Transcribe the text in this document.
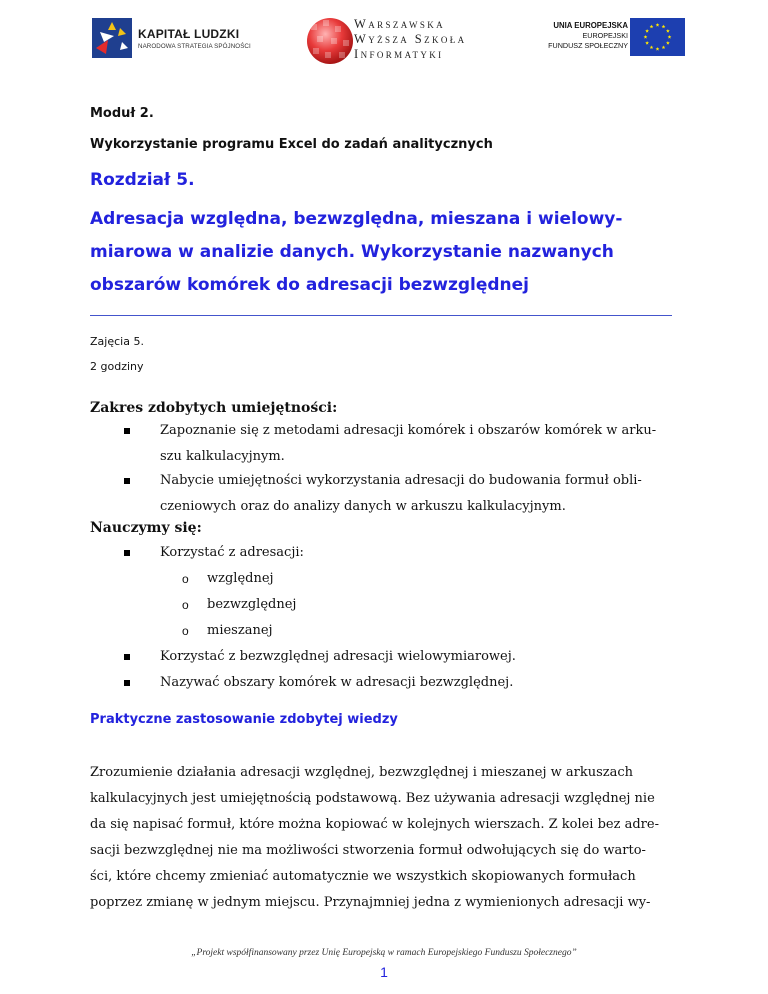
KAPITAŁ LUDZKI
NARODOWA STRATEGIA SPÓJNOŚCI
Warszawska
Wyższa Szkoła
Informatyki
UNIA EUROPEJSKA
EUROPEJSKI
FUNDUSZ SPOŁECZNY
Moduł 2.
Wykorzystanie programu Excel do zadań analitycznych
Rozdział 5.
Adresacja względna, bezwzględna, mieszana i wielowy-
miarowa w analizie danych. Wykorzystanie nazwanych
obszarów komórek do adresacji bezwzględnej
Zajęcia 5.
2 godziny
Zakres zdobytych umiejętności:
Zapoznanie się z metodami adresacji komórek i obszarów komórek w arku-
szu kalkulacyjnym.
Nabycie umiejętności wykorzystania adresacji do budowania formuł obli-
czeniowych oraz do analizy danych w arkuszu kalkulacyjnym.
Nauczymy się:
Korzystać z adresacji:
o względnej
o bezwzględnej
o mieszanej
Korzystać z bezwzględnej adresacji wielowymiarowej.
Nazywać obszary komórek w adresacji bezwzględnej.
Praktyczne zastosowanie zdobytej wiedzy
Zrozumienie działania adresacji względnej, bezwzględnej i mieszanej w arkuszach
kalkulacyjnych jest umiejętnością podstawową. Bez używania adresacji względnej nie
da się napisać formuł, które można kopiować w kolejnych wierszach. Z kolei bez adre-
sacji bezwzględnej nie ma możliwości stworzenia formuł odwołujących się do warto-
ści, które chcemy zmieniać automatycznie we wszystkich skopiowanych formułach
poprzez zmianę w jednym miejscu. Przynajmniej jedna z wymienionych adresacji wy-
„Projekt współfinansowany przez Unię Europejską w ramach Europejskiego Funduszu Społecznego”
1
